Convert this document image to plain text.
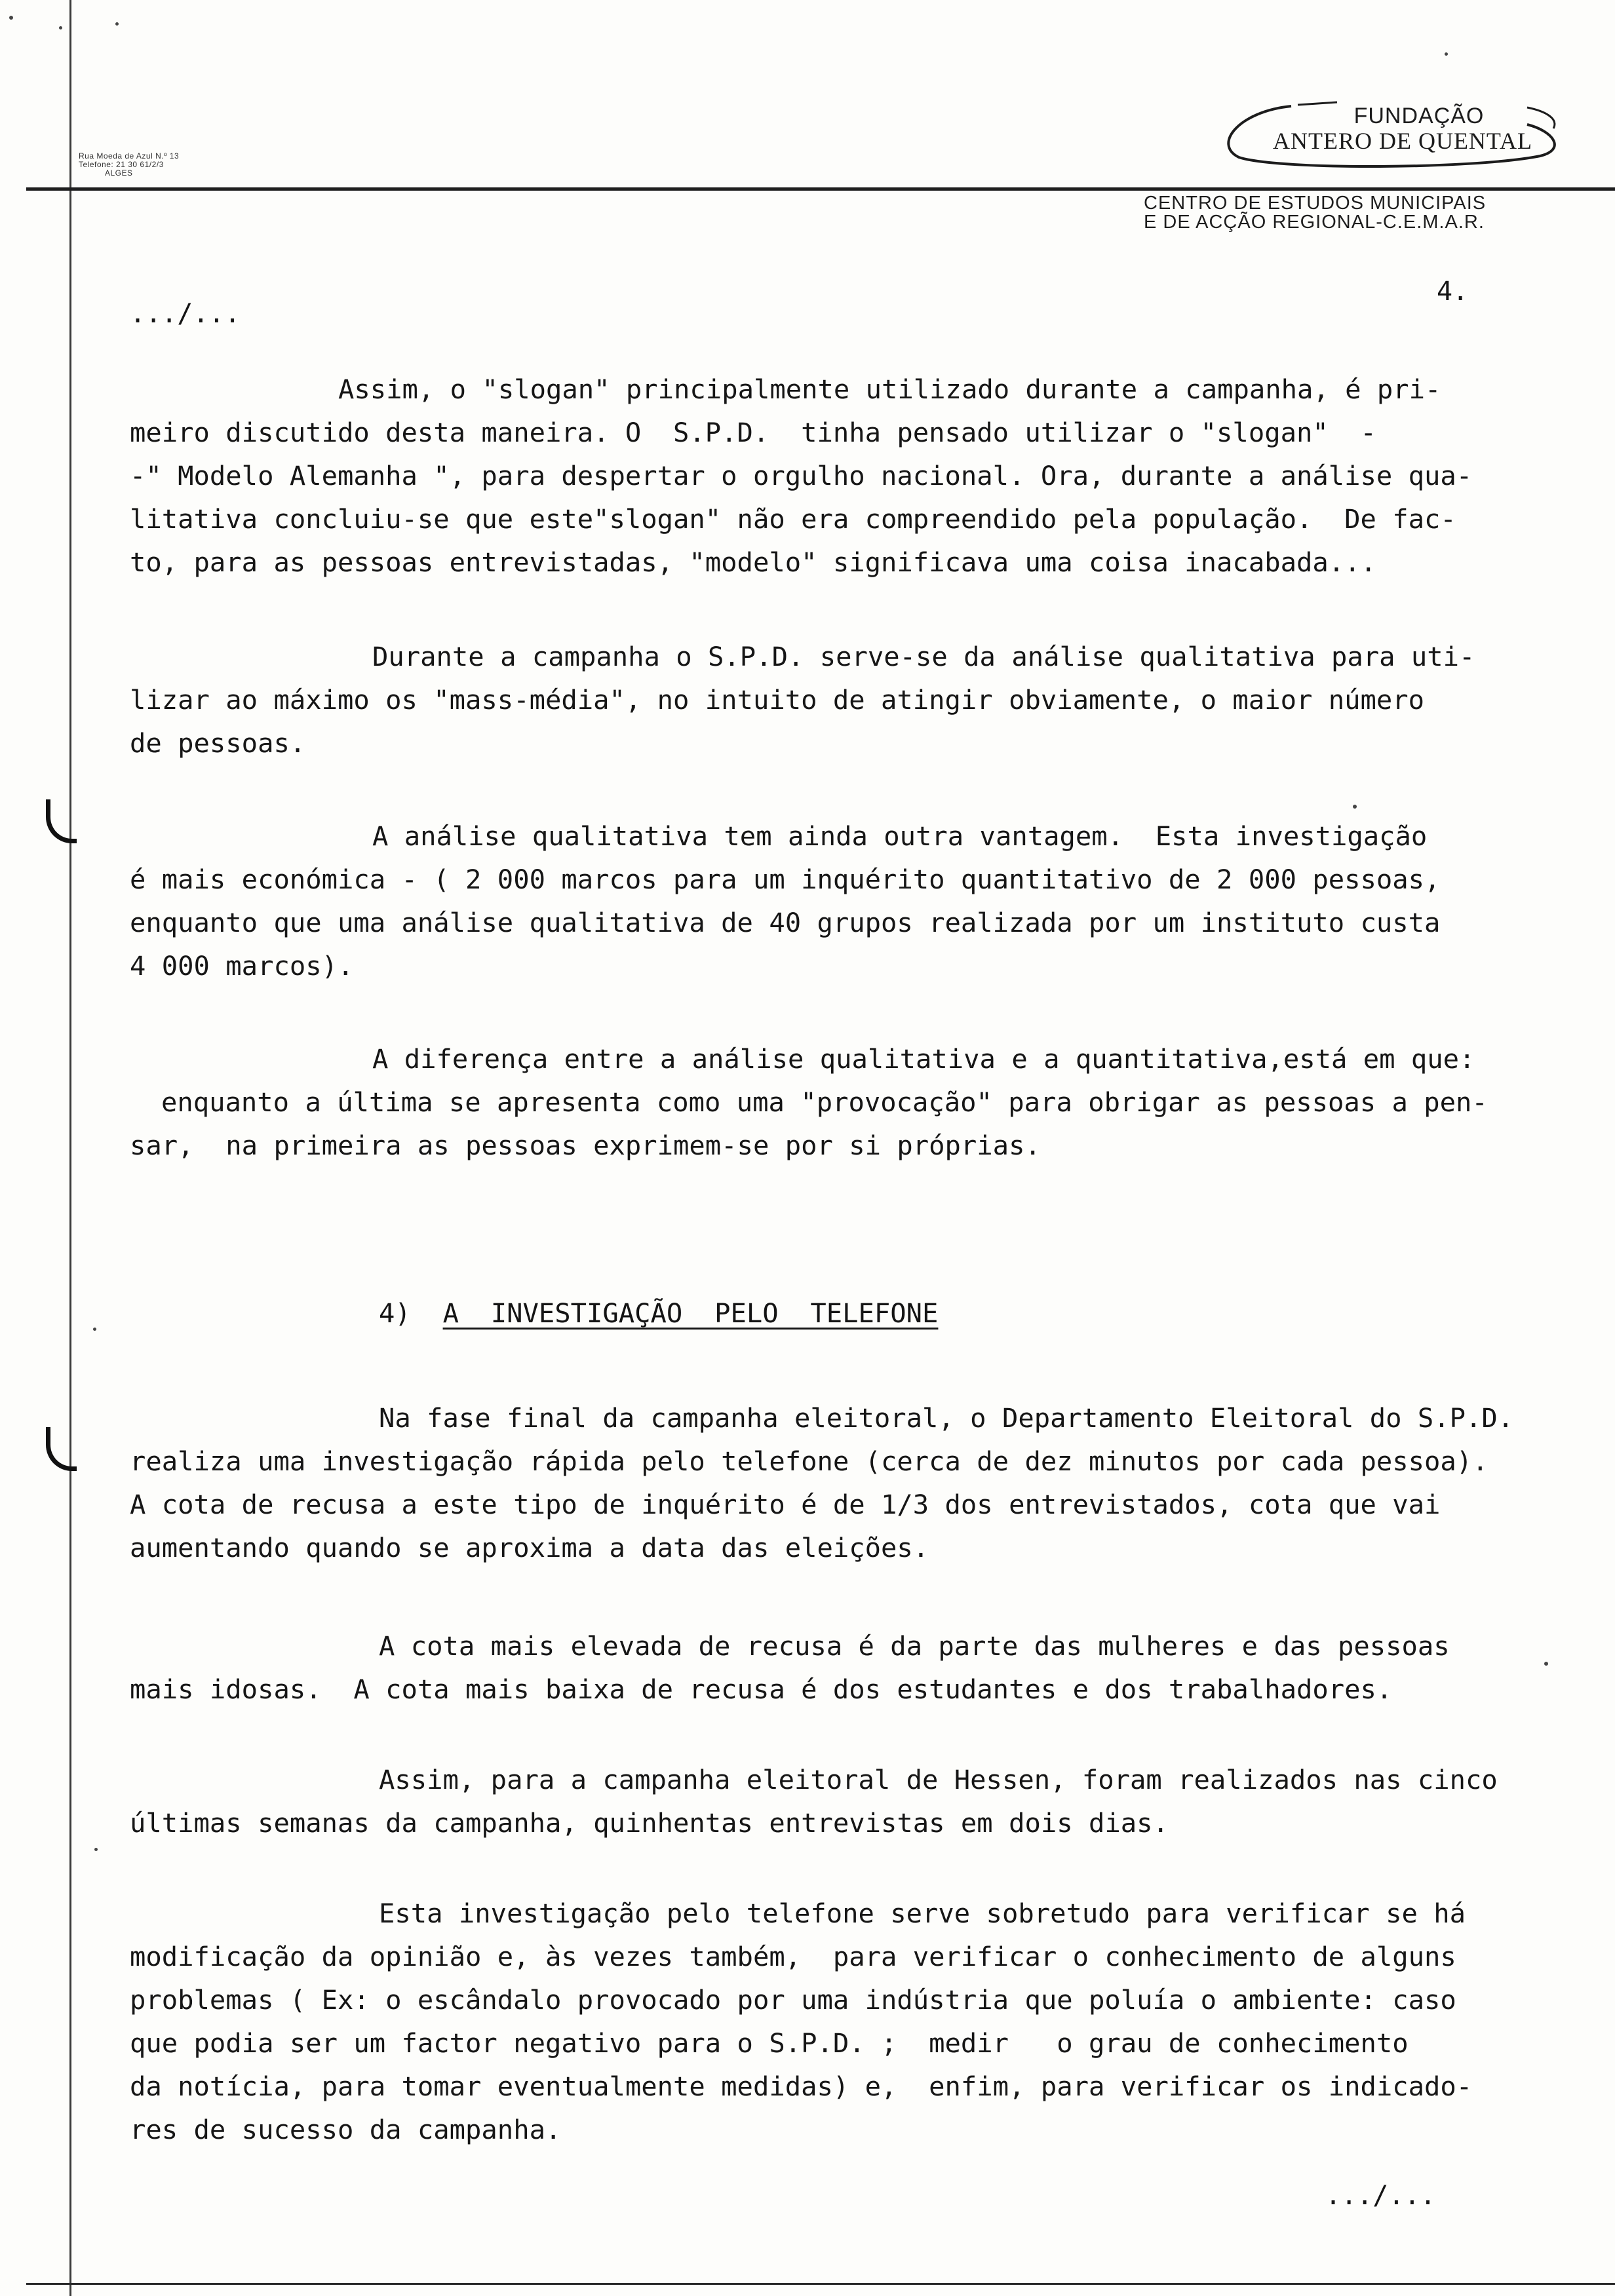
Rua Moeda de Azul N.º 13
Telefone: 21 30 61/2/3
ALGES
FUNDAÇÃO
ANTERO DE QUENTAL
CENTRO DE ESTUDOS MUNICIPAIS
E DE ACÇÃO REGIONAL-C.E.M.A.R.
4.
.../...
Assim, o "slogan" principalmente utilizado durante a campanha, é pri-
meiro discutido desta maneira. O  S.P.D.  tinha pensado utilizar o "slogan"  -
-" Modelo Alemanha ", para despertar o orgulho nacional. Ora, durante a análise qua-
litativa concluiu-se que este"slogan" não era compreendido pela população.  De fac-
to, para as pessoas entrevistadas, "modelo" significava uma coisa inacabada...
Durante a campanha o S.P.D. serve-se da análise qualitativa para uti-
lizar ao máximo os "mass-média", no intuito de atingir obviamente, o maior número
de pessoas.
A análise qualitativa tem ainda outra vantagem.  Esta investigação
é mais económica - ( 2 000 marcos para um inquérito quantitativo de 2 000 pessoas,
enquanto que uma análise qualitativa de 40 grupos realizada por um instituto custa
4 000 marcos).
A diferença entre a análise qualitativa e a quantitativa,está em que:
enquanto a última se apresenta como uma "provocação" para obrigar as pessoas a pen-
sar,  na primeira as pessoas exprimem-se por si próprias.
4) A  INVESTIGAÇÃO  PELO  TELEFONE
Na fase final da campanha eleitoral, o Departamento Eleitoral do S.P.D.
realiza uma investigação rápida pelo telefone (cerca de dez minutos por cada pessoa).
A cota de recusa a este tipo de inquérito é de 1/3 dos entrevistados, cota que vai
aumentando quando se aproxima a data das eleições.
A cota mais elevada de recusa é da parte das mulheres e das pessoas
mais idosas.  A cota mais baixa de recusa é dos estudantes e dos trabalhadores.
Assim, para a campanha eleitoral de Hessen, foram realizados nas cinco
últimas semanas da campanha, quinhentas entrevistas em dois dias.
Esta investigação pelo telefone serve sobretudo para verificar se há
modificação da opinião e, às vezes também,  para verificar o conhecimento de alguns
problemas ( Ex: o escândalo provocado por uma indústria que poluía o ambiente: caso
que podia ser um factor negativo para o S.P.D. ;  medir   o grau de conhecimento
da notícia, para tomar eventualmente medidas) e,  enfim, para verificar os indicado-
res de sucesso da campanha.
.../...
